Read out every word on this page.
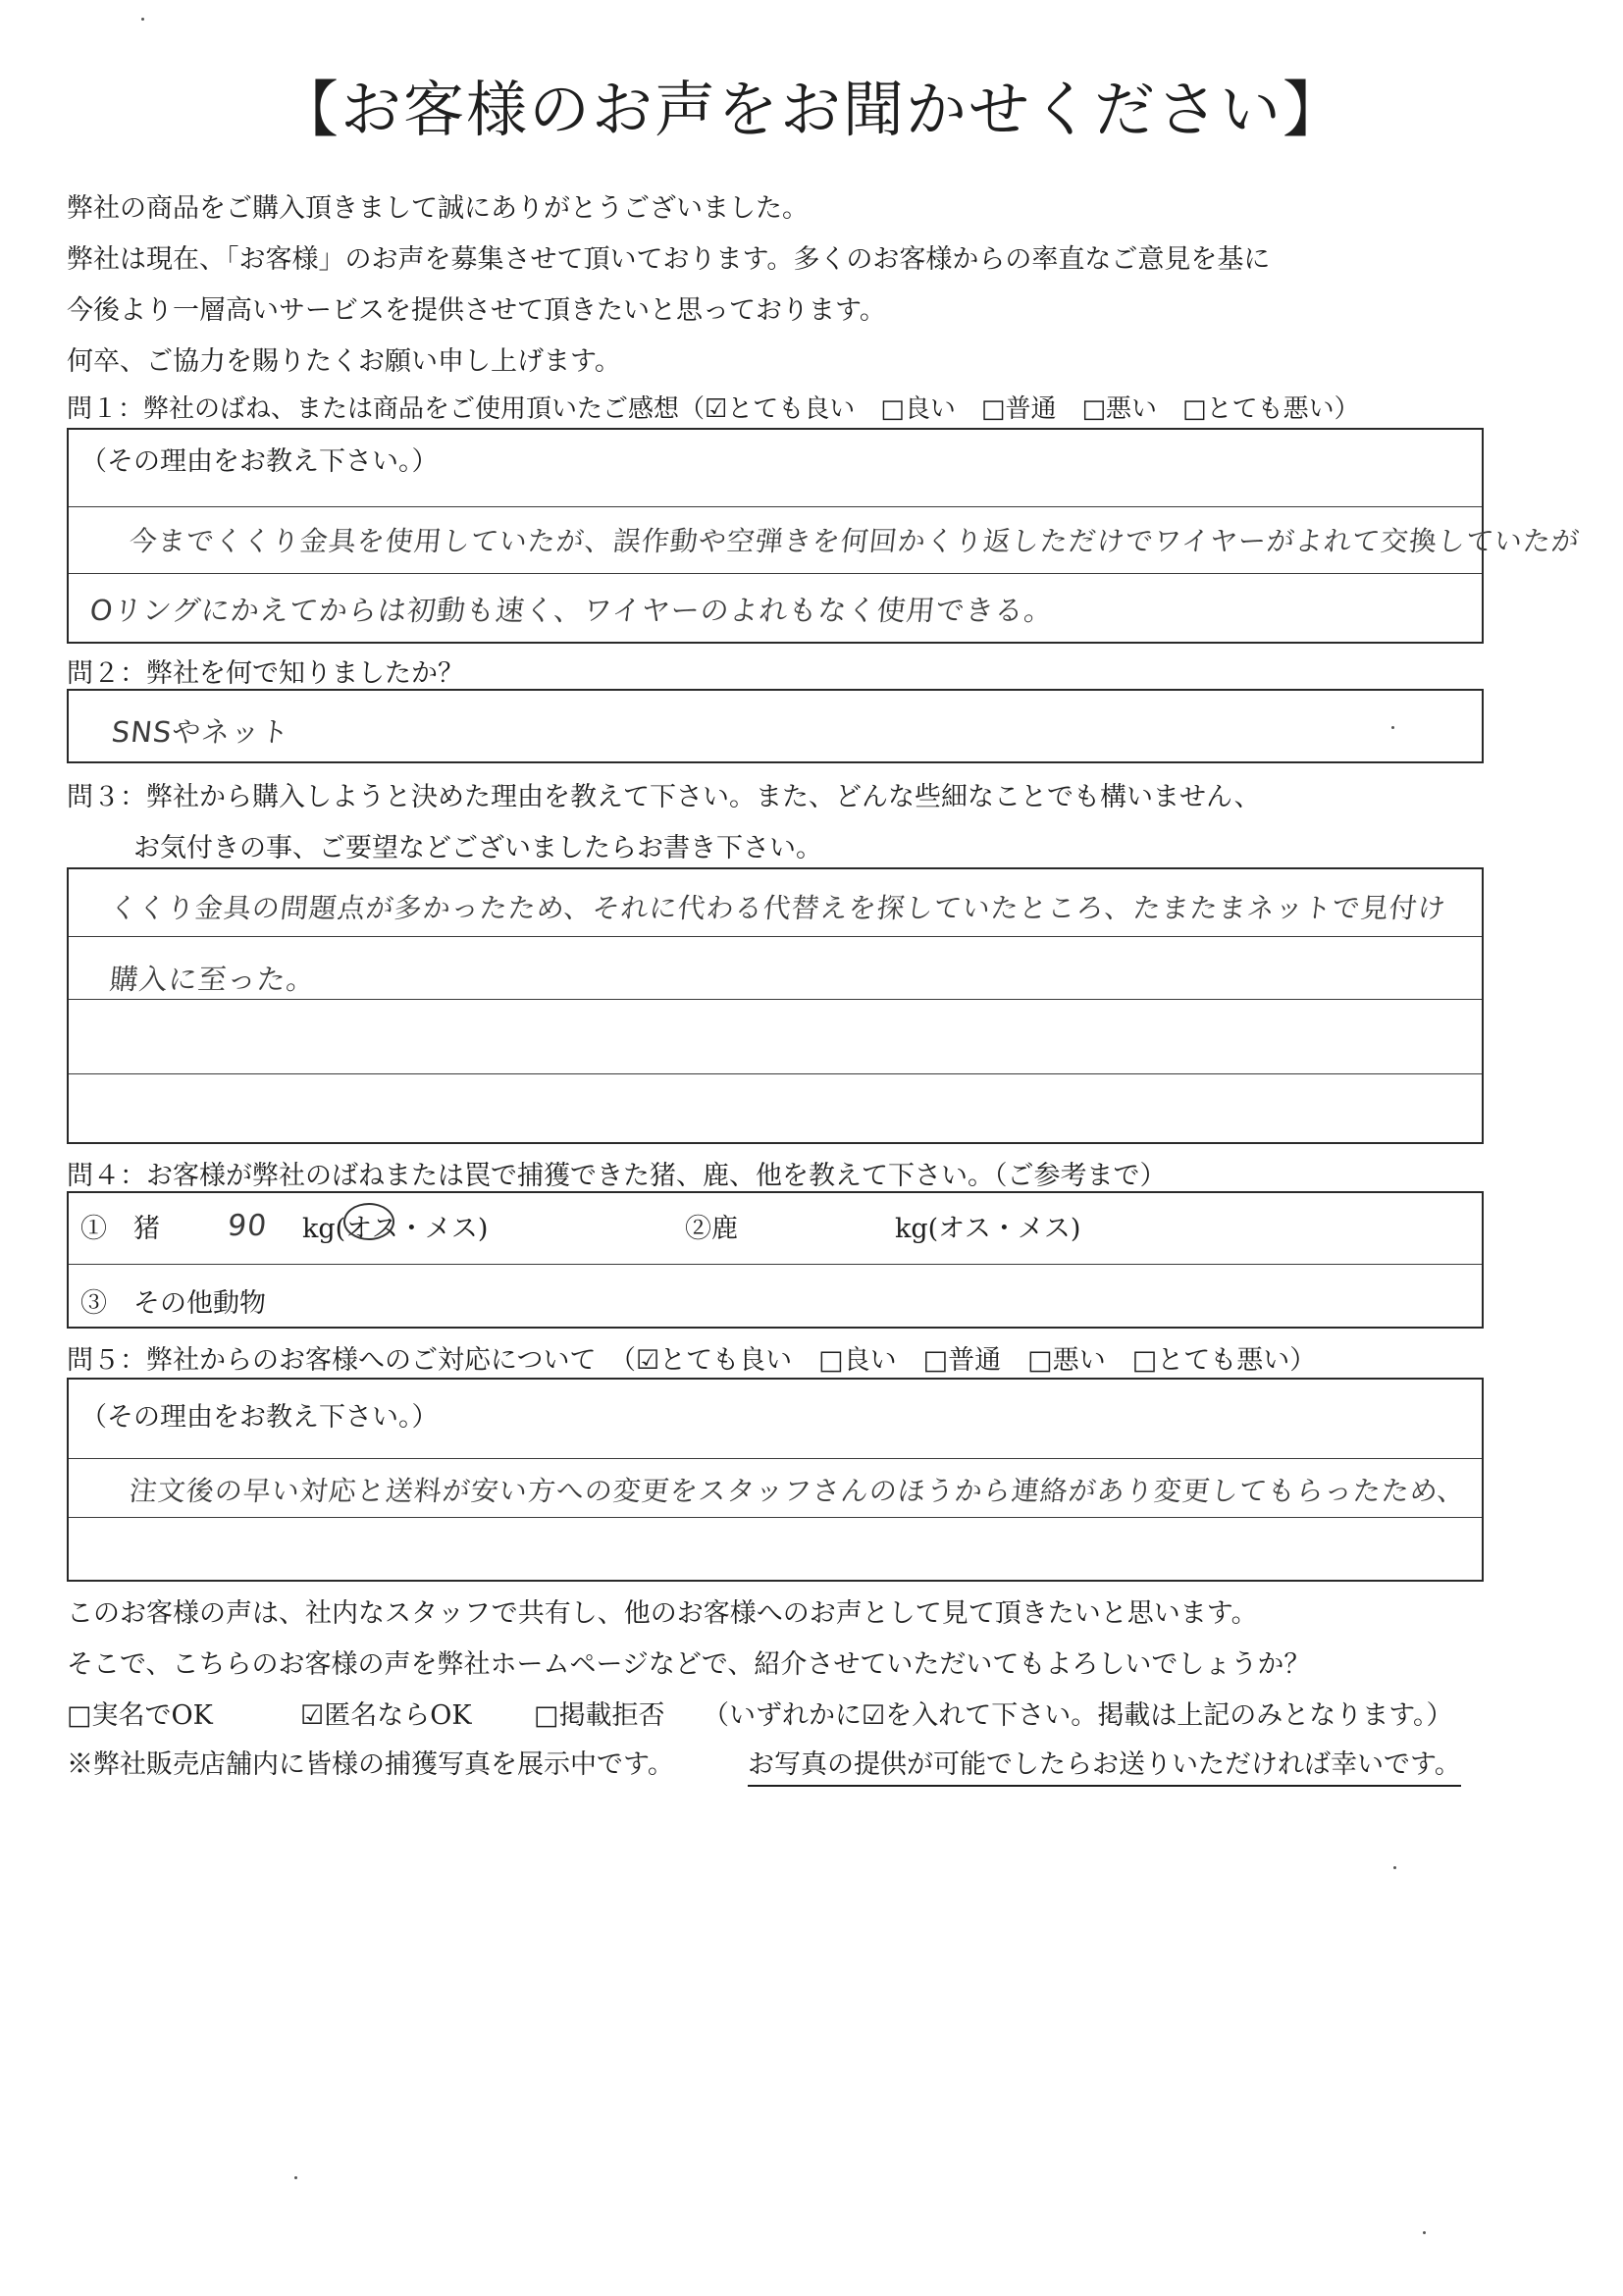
【お客様のお声をお聞かせください】
弊社の商品をご購入頂きまして誠にありがとうございました。
弊社は現在、「お客様」のお声を募集させて頂いております。多くのお客様からの率直なご意見を基に
今後より一層高いサービスを提供させて頂きたいと思っております。
何卒、ご協力を賜りたくお願い申し上げます。
問１：弊社のばね、または商品をご使用頂いたご感想（☑とても良い　□良い　□普通　□悪い　□とても悪い）
（その理由をお教え下さい。）
今までくくり金具を使用していたが、誤作動や空弾きを何回かくり返しただけでワイヤーがよれて交換していたが
Oリングにかえてからは初動も速く、ワイヤーのよれもなく使用できる。
問２：弊社を何で知りましたか？
SNSやネット
問３：弊社から購入しようと決めた理由を教えて下さい。また、どんな些細なことでも構いません、
お気付きの事、ご要望などございましたらお書き下さい。
くくり金具の問題点が多かったため、それに代わる代替えを探していたところ、たまたまネットで見付け
購入に至った。
問４：お客様が弊社のばねまたは罠で捕獲できた猪、鹿、他を教えて下さい。（ご参考まで）
①　猪 90 kg(オス・メス)	②鹿	kg(オス・メス)
③　その他動物
問５：弊社からのお客様へのご対応について　（☑とても良い　□良い　□普通　□悪い　□とても悪い）
（その理由をお教え下さい。）
注文後の早い対応と送料が安い方への変更をスタッフさんのほうから連絡があり変更してもらったため、
このお客様の声は、社内なスタッフで共有し、他のお客様へのお声として見て頂きたいと思います。
そこで、こちらのお客様の声を弊社ホームページなどで、紹介させていただいてもよろしいでしょうか？
□実名でOK	☑匿名ならOK □掲載拒否 （いずれかに☑を入れて下さい。掲載は上記のみとなります。）
※弊社販売店舗内に皆様の捕獲写真を展示中です。	お写真の提供が可能でしたらお送りいただければ幸いです。
